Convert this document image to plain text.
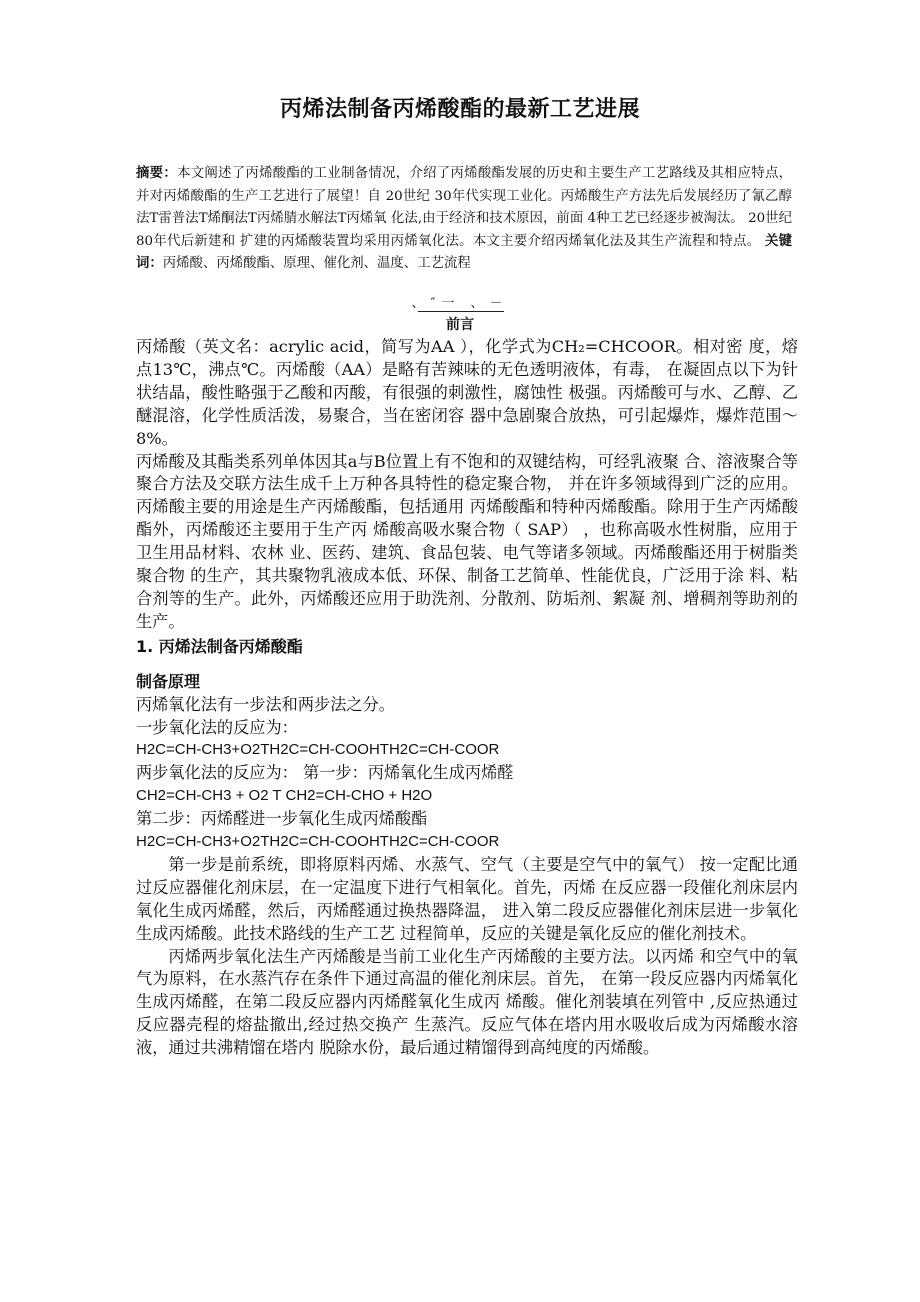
丙烯法制备丙烯酸酯的最新工艺进展
摘要：本文阐述了丙烯酸酯的工业制备情况，介绍了丙烯酸酯发展的历史和主要生产工艺路线及其相应特点，并对丙烯酸酯的生产工艺进行了展望！自 20世纪 30年代实现工业化。丙烯酸生产方法先后发展经历了氰乙醇法T雷普法T烯酮法T丙烯腈水解法T丙烯氧 化法,由于经济和技术原因，前面 4种工艺已经逐步被淘汰。 20世纪 80年代后新建和 扩建的丙烯酸装置均采用丙烯氧化法。本文主要介绍丙烯氧化法及其生产流程和特点。 关键词：丙烯酸、丙烯酸酯、原理、催化剂、温度、工艺流程
、″一 、－
前言

丙烯酸（英文名：acrylic acid，简写为AA ），化学式为CH₂=CHCOOR。相对密 度，熔点13℃，沸点℃。丙烯酸（AA）是略有苦辣味的无色透明液体，有毒， 在凝固点以下为针状结晶，酸性略强于乙酸和丙酸，有很强的刺激性，腐蚀性 极强。丙烯酸可与水、乙醇、乙醚混溶，化学性质活泼，易聚合，当在密闭容 器中急剧聚合放热，可引起爆炸，爆炸范围～8%。

丙烯酸及其酯类系列单体因其a与B位置上有不饱和的双键结构，可经乳液聚 合、溶液聚合等聚合方法及交联方法生成千上万种各具特性的稳定聚合物， 并在许多领域得到广泛的应用。丙烯酸主要的用途是生产丙烯酸酯，包括通用 丙烯酸酯和特种丙烯酸酯。除用于生产丙烯酸酯外，丙烯酸还主要用于生产丙 烯酸高吸水聚合物（ SAP） ，也称高吸水性树脂，应用于卫生用品材料、农林 业、医药、建筑、食品包装、电气等诸多领域。丙烯酸酯还用于树脂类聚合物 的生产，其共聚物乳液成本低、环保、制备工艺简单、性能优良，广泛用于涂 料、粘合剂等的生产。此外，丙烯酸还应用于助洗剂、分散剂、防垢剂、絮凝 剂、增稠剂等助剂的生产。

1. 丙烯法制备丙烯酸酯

制备原理

丙烯氧化法有一步法和两步法之分。

一步氧化法的反应为：

H2C=CH-CH3+O2TH2C=CH-COOHTH2C=CH-COOR

两步氧化法的反应为： 第一步：丙烯氧化生成丙烯醛

CH2=CH-CH3 + O2 T CH2=CH-CHO + H2O

第二步：丙烯醛进一步氧化生成丙烯酸酯

H2C=CH-CH3+O2TH2C=CH-COOHTH2C=CH-COOR

第一步是前系统，即将原料丙烯、水蒸气、空气（主要是空气中的氧气） 按一定配比通过反应器催化剂床层，在一定温度下进行气相氧化。首先，丙烯 在反应器一段催化剂床层内氧化生成丙烯醛，然后，丙烯醛通过换热器降温， 进入第二段反应器催化剂床层进一步氧化生成丙烯酸。此技术路线的生产工艺 过程简单，反应的关键是氧化反应的催化剂技术。

丙烯两步氧化法生产丙烯酸是当前工业化生产丙烯酸的主要方法。以丙烯 和空气中的氧气为原料，在水蒸汽存在条件下通过高温的催化剂床层。首先， 在第一段反应器内丙烯氧化生成丙烯醛，在第二段反应器内丙烯醛氧化生成丙 烯酸。催化剂装填在列管中 ,反应热通过反应器壳程的熔盐撤出,经过热交换产 生蒸汽。反应气体在塔内用水吸收后成为丙烯酸水溶液，通过共沸精馏在塔内 脱除水份，最后通过精馏得到高纯度的丙烯酸。
